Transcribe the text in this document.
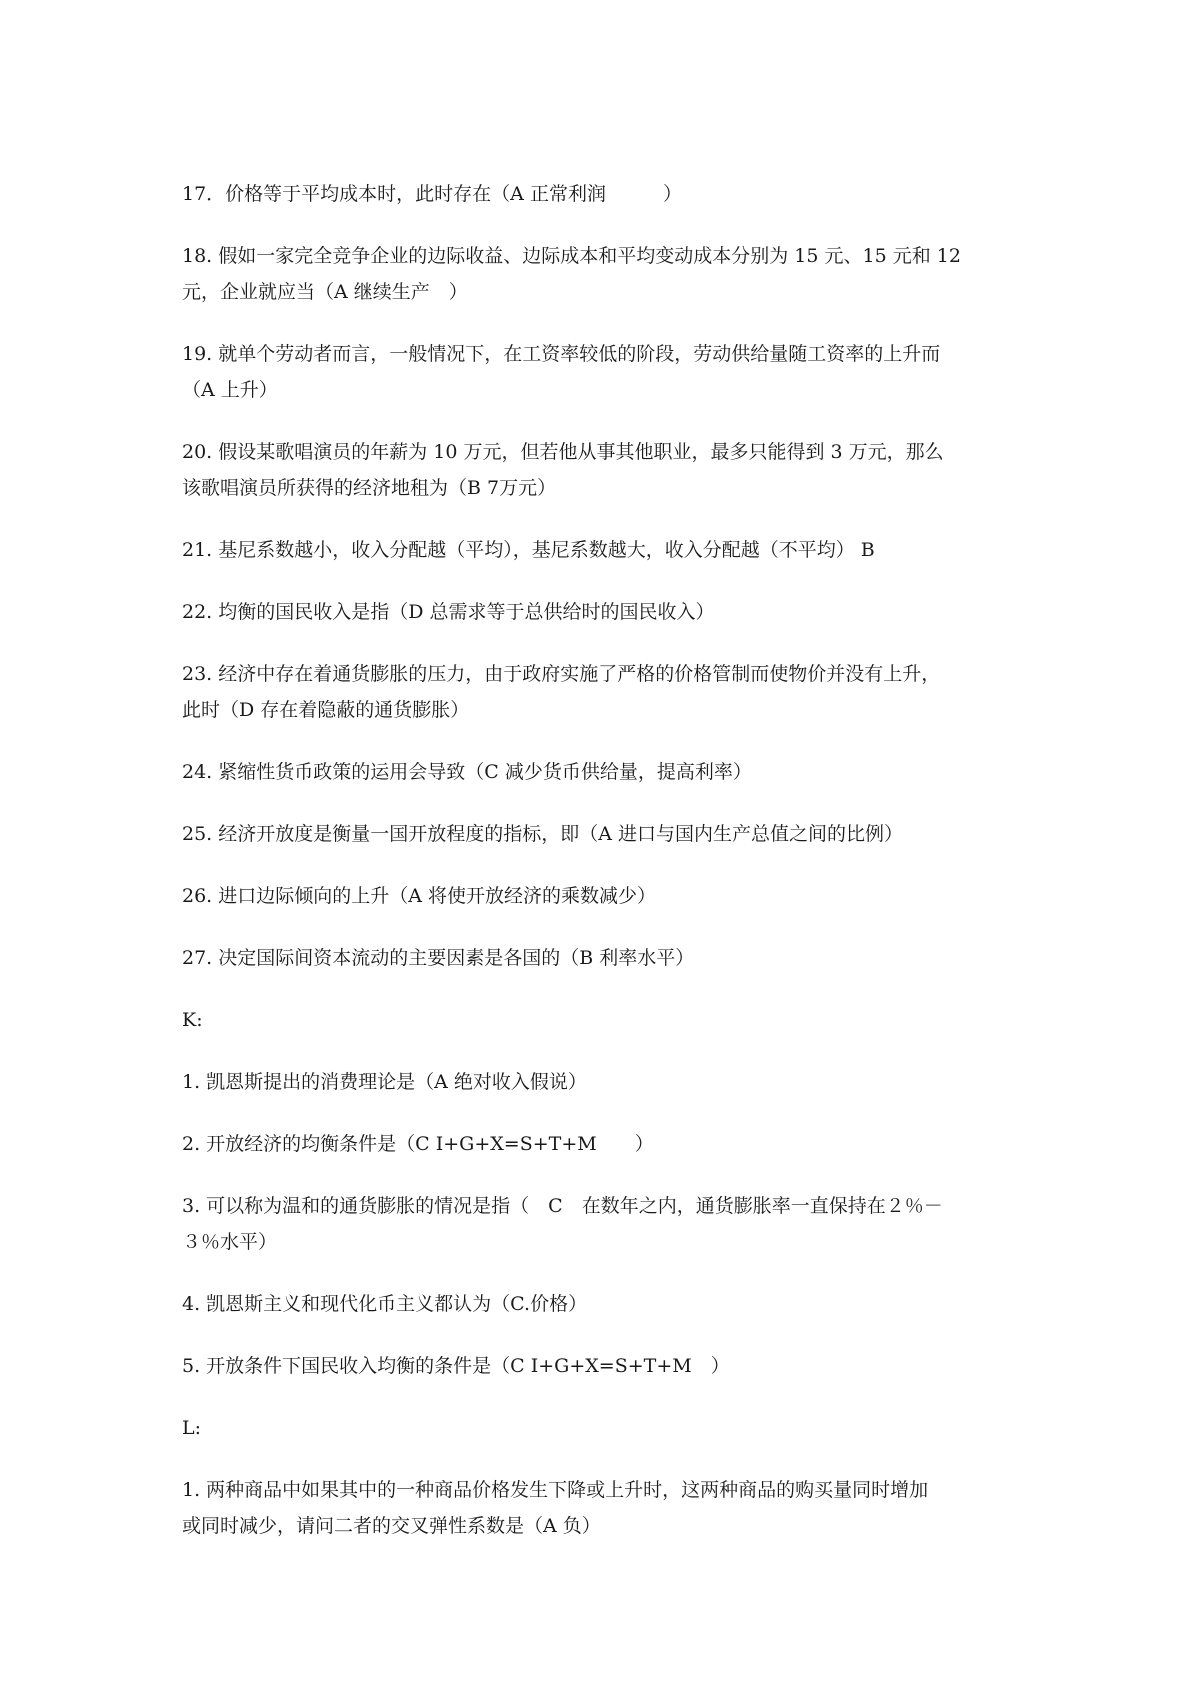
17．价格等于平均成本时，此时存在（A 正常利润　　　）

18. 假如一家完全竞争企业的边际收益、边际成本和平均变动成本分别为 15 元、15 元和 12
元，企业就应当（A 继续生产　）

19. 就单个劳动者而言，一般情况下，在工资率较低的阶段，劳动供给量随工资率的上升而
（A 上升）

20. 假设某歌唱演员的年薪为 10 万元，但若他从事其他职业，最多只能得到 3 万元，那么
该歌唱演员所获得的经济地租为（B 7万元）

21. 基尼系数越小，收入分配越（平均），基尼系数越大，收入分配越（不平均） B

22. 均衡的国民收入是指（D 总需求等于总供给时的国民收入）

23. 经济中存在着通货膨胀的压力，由于政府实施了严格的价格管制而使物价并没有上升，
此时（D 存在着隐蔽的通货膨胀）

24. 紧缩性货币政策的运用会导致（C 减少货币供给量，提高利率）

25. 经济开放度是衡量一国开放程度的指标，即（A 进口与国内生产总值之间的比例）

26. 进口边际倾向的上升（A 将使开放经济的乘数减少）

27. 决定国际间资本流动的主要因素是各国的（B 利率水平）

K:

1. 凯恩斯提出的消费理论是（A 绝对收入假说）

2. 开放经济的均衡条件是（C I+G+X=S+T+M　　）

3. 可以称为温和的通货膨胀的情况是指（　C　在数年之内，通货膨胀率一直保持在２％－
３％水平）

4. 凯恩斯主义和现代化币主义都认为（C.价格）

5. 开放条件下国民收入均衡的条件是（C I+G+X=S+T+M　）

L:

1. 两种商品中如果其中的一种商品价格发生下降或上升时，这两种商品的购买量同时增加
或同时减少，请问二者的交叉弹性系数是（A 负）
